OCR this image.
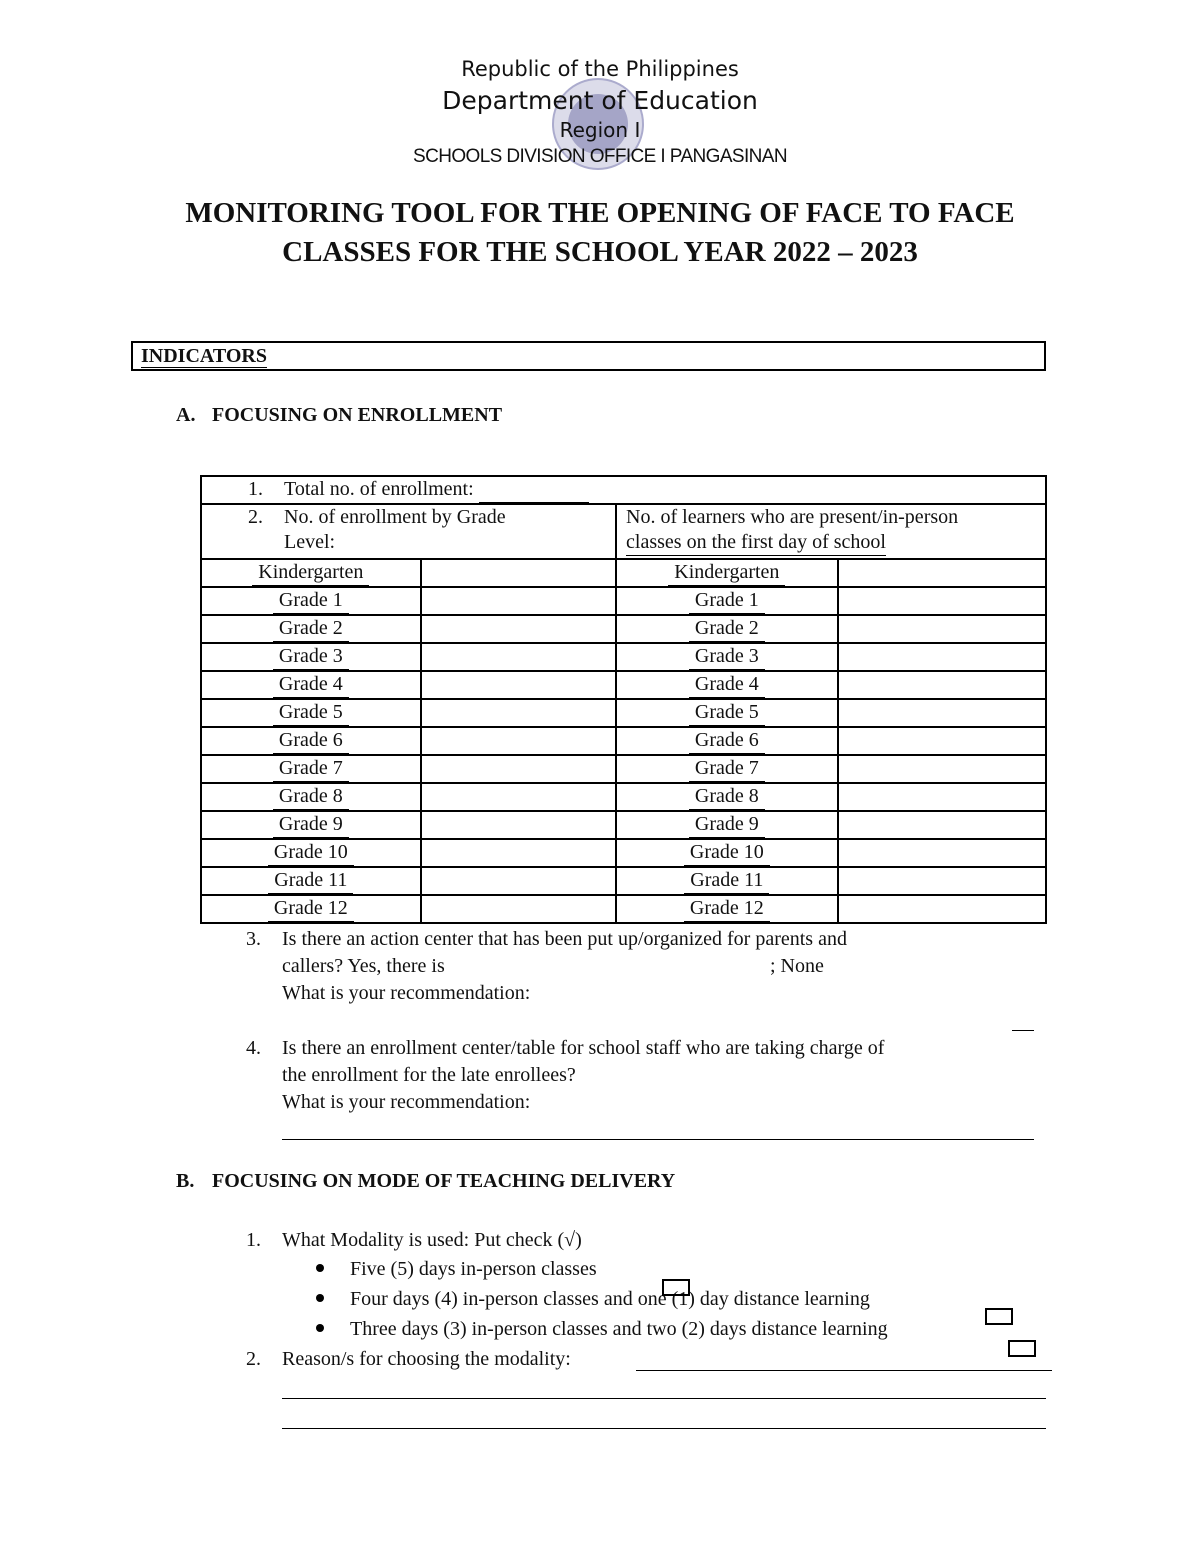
Republic of the Philippines
Department of Education
Region I
SCHOOLS DIVISION OFFICE I PANGASINAN
MONITORING TOOL FOR THE OPENING OF FACE TO FACE
CLASSES FOR THE SCHOOL YEAR 2022 – 2023
INDICATORS
A. FOCUSING ON ENROLLMENT
1. Total no. of enrollment:			
2. No. of enrollment by Grade
Level:		No. of learners who are present/in-person
classes on the first day of school	
Kindergarten		Kindergarten	
Grade 1		Grade 1	
Grade 2		Grade 2	
Grade 3		Grade 3	
Grade 4		Grade 4	
Grade 5		Grade 5	
Grade 6		Grade 6	
Grade 7		Grade 7	
Grade 8		Grade 8	
Grade 9		Grade 9	
Grade 10		Grade 10	
Grade 11		Grade 11	
Grade 12		Grade 12	
3. Is there an action center that has been put up/organized for parents and
callers? Yes, there is	; None
What is your recommendation:
4. Is there an enrollment center/table for school staff who are taking charge of
the enrollment for the late enrollees?
What is your recommendation:
B. FOCUSING ON MODE OF TEACHING DELIVERY
1. What Modality is used: Put check (√)
Five (5) days in-person classes
Four days (4) in-person classes and one (1) day distance learning
Three days (3) in-person classes and two (2) days distance learning
2. Reason/s for choosing the modality:
